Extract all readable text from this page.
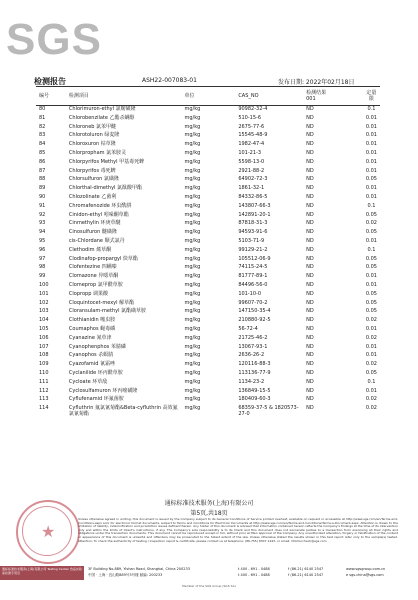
SGS
检测报告	ASH22-007083-01	发布日期: 2022年02月18日
编号	检测项目	单位	CAS_NO	检测结果
001	定量限
80	Chlorimuron-ethyl 氯嘧磺隆	mg/kg	90982-32-4	ND	0.1
81	Chlorobenzilate 乙酯杀螨醇	mg/kg	510-15-6	ND	0.01
82	Chloroneb 氯苯甲醚	mg/kg	2675-77-6	ND	0.01
83	Chlorotoluron 绿麦隆	mg/kg	15545-48-9	ND	0.01
84	Chloroxuron 枯草隆	mg/kg	1982-47-4	ND	0.01
85	Chlorpropham 氯苯胺灵	mg/kg	101-21-3	ND	0.01
86	Chlorpyrifos Methyl 甲基毒死蜱	mg/kg	5598-13-0	ND	0.01
87	Chlorpyrifos 毒死蜱	mg/kg	2921-88-2	ND	0.01
88	Chlorsulfuron 氯磺隆	mg/kg	64902-72-3	ND	0.05
89	Chlorthal-dimethyl 氯酞酸甲酯	mg/kg	1861-32-1	ND	0.01
90	Chlozolinate 乙菌利	mg/kg	84332-86-5	ND	0.01
91	Chromafenozide 环虫酰肼	mg/kg	143807-66-3	ND	0.1
92	Cinidon-ethyl 吲哚酮草酯	mg/kg	142891-20-1	ND	0.05
93	Cinmethylin 环庚草醚	mg/kg	87818-31-3	ND	0.02
94	Cinosulfuron 醚磺隆	mg/kg	94593-91-6	ND	0.05
95	cis-Chlordane 顺式氯丹	mg/kg	5103-71-9	ND	0.01
96	Clethodim 烯草酮	mg/kg	99129-21-2	ND	0.1
97	Clodinafop-propargyl 炔草酯	mg/kg	105512-06-9	ND	0.05
98	Clofentezine 四螨嗪	mg/kg	74115-24-5	ND	0.05
99	Clomazone 异噁草酮	mg/kg	81777-89-1	ND	0.01
100	Clomeprop 氯甲酰草胺	mg/kg	84496-56-0	ND	0.01
101	Clopropp 调果酸	mg/kg	101-10-0	ND	0.05
102	Cloquintocet-mexyl 解草酯	mg/kg	99607-70-2	ND	0.05
103	Cloransulam-methyl 氯酯磺草胺	mg/kg	147150-35-4	ND	0.05
104	Clothianidin 噻虫胺	mg/kg	210880-92-5	ND	0.02
105	Coumaphos 蝇毒磷	mg/kg	56-72-4	ND	0.01
106	Cyanazine 氰草津	mg/kg	21725-46-2	ND	0.02
107	Cyanophenphos 苯腈磷	mg/kg	13067-93-1	ND	0.01
108	Cyanophos 杀螟腈	mg/kg	2636-26-2	ND	0.01
109	Cyazofamid 氰霜唑	mg/kg	120116-88-3	ND	0.02
110	Cyclanilide 环丙酰草胺	mg/kg	113136-77-9	ND	0.05
111	Cycloate 环草敌	mg/kg	1134-23-2	ND	0.1
112	Cyclosulfamuron 环丙嘧磺隆	mg/kg	136849-15-5	ND	0.01
113	Cyflufenamid 环氟菌胺	mg/kg	180409-60-3	ND	0.02
114	Cyfluthrin 氟氯氰菊酯&Beta-cyfluthrin 高效氟氯氰菊酯	mg/kg	68359-37-5 & 1820573-27-0	ND	0.02
★
通标标准技术服务(上海)有限公司
第5页,共18页
Unless otherwise agreed in writing, this document is issued by the Company subject to its General Conditions of Service printed overleaf, available on request or accessible at http://www.sgs.com/en/Terms-and-Conditions.aspx and, for electronic format documents, subject to Terms and Conditions for Electronic Documents at http://www.sgs.com/en/Terms-and-Conditions/Terms-e-Document.aspx. Attention is drawn to the limitation of liability, indemnification and jurisdiction issues defined therein. Any holder of this document is advised that information contained hereon reflects the Company's findings at the time of its intervention only and within the limits of Client's instructions, if any. The Company's sole responsibility is to its Client and this document does not exonerate parties to a transaction from exercising all their rights and obligations under the transaction documents. This document cannot be reproduced except in full, without prior written approval of the Company. Any unauthorized alteration, forgery or falsification of the content or appearance of this document is unlawful and offenders may be prosecuted to the fullest extent of the law. Unless otherwise stated the results shown in this test report refer only to the sample(s) tested. Attention: To check the authenticity of testing / inspection report & certificate, please contact us at telephone: (86-755) 8307 1443, or email: CN.Doccheck@sgs.com
通标标准技术服务(上海)有限公司 Testing Center 食品实验室检测专用章
3F Building No.889, Yishan Road, Shanghai, China 200233
中国 · 上海 · 宜山路889号3号楼 邮编: 200233
t 400 - 691 - 0488	f (86-21) 6140 2547	www.sgsgroup.com.cn
t 400 - 691 - 0488	f (86-21) 6140 2547	e sgs.china@sgs.com
Member of the SGS Group (SGS SA)
